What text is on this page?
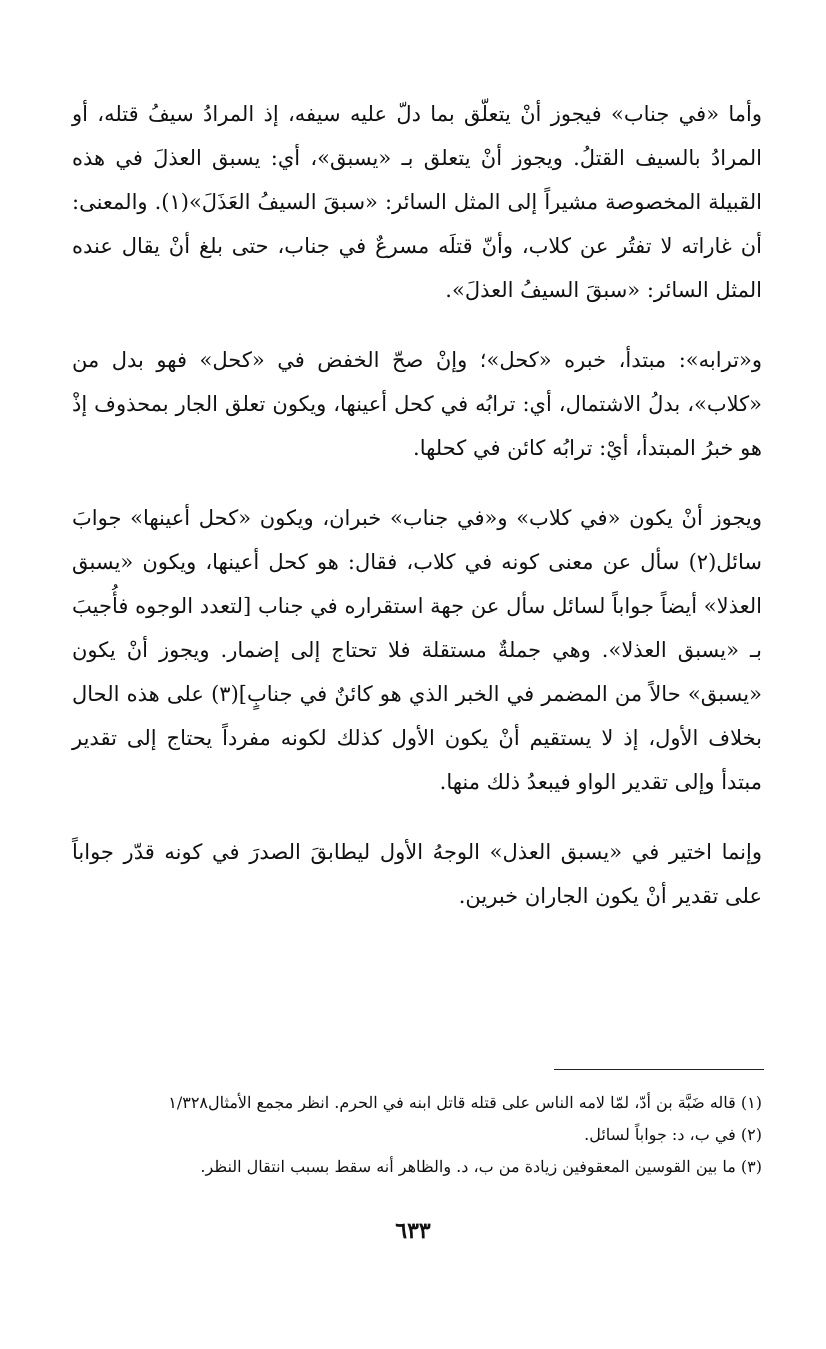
وأما «في جناب» فيجوز أنْ يتعلّق بما دلّ عليه سيفه، إذ المرادُ سيفُ قتله، أو المرادُ بالسيف القتلُ. ويجوز أنْ يتعلق بـ «يسبق»، أي: يسبق العذلَ في هذه القبيلة المخصوصة مشيراً إلى المثل السائر: «سبقَ السيفُ العَذَلَ»(١). والمعنى: أن غاراته لا تفتُر عن كلاب، وأنّ قتلَه مسرعٌ في جناب، حتى بلغ أنْ يقال عنده المثل السائر: «سبقَ السيفُ العذلَ».

و«ترابه»: مبتدأ، خبره «كحل»؛ وإنْ صحّ الخفض في «كحل» فهو بدل من «كلاب»، بدلُ الاشتمال، أي: ترابُه في كحل أعينها، ويكون تعلق الجار بمحذوف إذْ هو خبرُ المبتدأ، أيْ: ترابُه كائن في كحلها.

ويجوز أنْ يكون «في كلاب» و«في جناب» خبران، ويكون «كحل أعينها» جوابَ سائل(٢) سأل عن معنى كونه في كلاب، فقال: هو كحل أعينها، ويكون «يسبق العذلا» أيضاً جواباً لسائل سأل عن جهة استقراره في جناب [لتعدد الوجوه فأُجيبَ بـ «يسبق العذلا». وهي جملةٌ مستقلة فلا تحتاج إلى إضمار. ويجوز أنْ يكون «يسبق» حالاً من المضمر في الخبر الذي هو كائنٌ في جنابٍ](٣) على هذه الحال بخلاف الأول، إذ لا يستقيم أنْ يكون الأول كذلك لكونه مفرداً يحتاج إلى تقدير مبتدأ وإلى تقدير الواو فيبعدُ ذلك منها.

وإنما اختير في «يسبق العذل» الوجهُ الأول ليطابقَ الصدرَ في كونه قدّر جواباً على تقدير أنْ يكون الجاران خبرين.

(١) قاله ضَبَّة بن أدّ، لمّا لامه الناس على قتله قاتل ابنه في الحرم. انظر مجمع الأمثال١/٣٢٨

(٢) في ب، د: جواباً لسائل.

(٣) ما بين القوسين المعقوفين زيادة من ب، د. والظاهر أنه سقط بسبب انتقال النظر.

٦٣٣
